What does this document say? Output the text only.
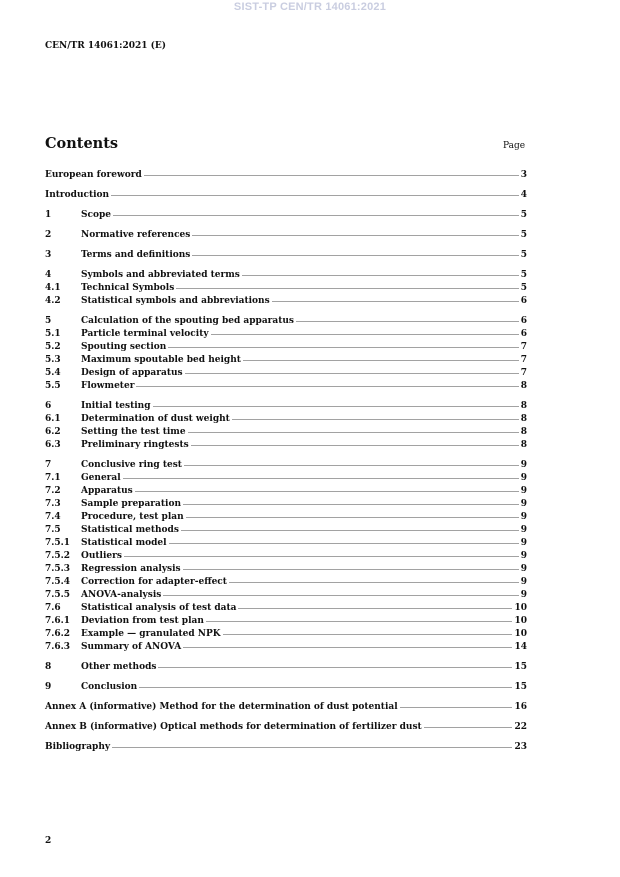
SIST-TP CEN/TR 14061:2021
CEN/TR 14061:2021 (E)
Contents	Page
European foreword	3
Introduction	4
1	Scope	5
2	Normative references	5
3	Terms and definitions	5
4	Symbols and abbreviated terms	5
4.1	Technical Symbols	5
4.2	Statistical symbols and abbreviations	6
5	Calculation of the spouting bed apparatus	6
5.1	Particle terminal velocity	6
5.2	Spouting section	7
5.3	Maximum spoutable bed height	7
5.4	Design of apparatus	7
5.5	Flowmeter	8
6	Initial testing	8
6.1	Determination of dust weight	8
6.2	Setting the test time	8
6.3	Preliminary ringtests	8
7	Conclusive ring test	9
7.1	General	9
7.2	Apparatus	9
7.3	Sample preparation	9
7.4	Procedure, test plan	9
7.5	Statistical methods	9
7.5.1	Statistical model	9
7.5.2	Outliers	9
7.5.3	Regression analysis	9
7.5.4	Correction for adapter-effect	9
7.5.5	ANOVA-analysis	9
7.6	Statistical analysis of test data	10
7.6.1	Deviation from test plan	10
7.6.2	Example — granulated NPK	10
7.6.3	Summary of ANOVA	14
8	Other methods	15
9	Conclusion	15
Annex A (informative) Method for the determination of dust potential	16
Annex B (informative) Optical methods for determination of fertilizer dust	22
Bibliography	23
2
